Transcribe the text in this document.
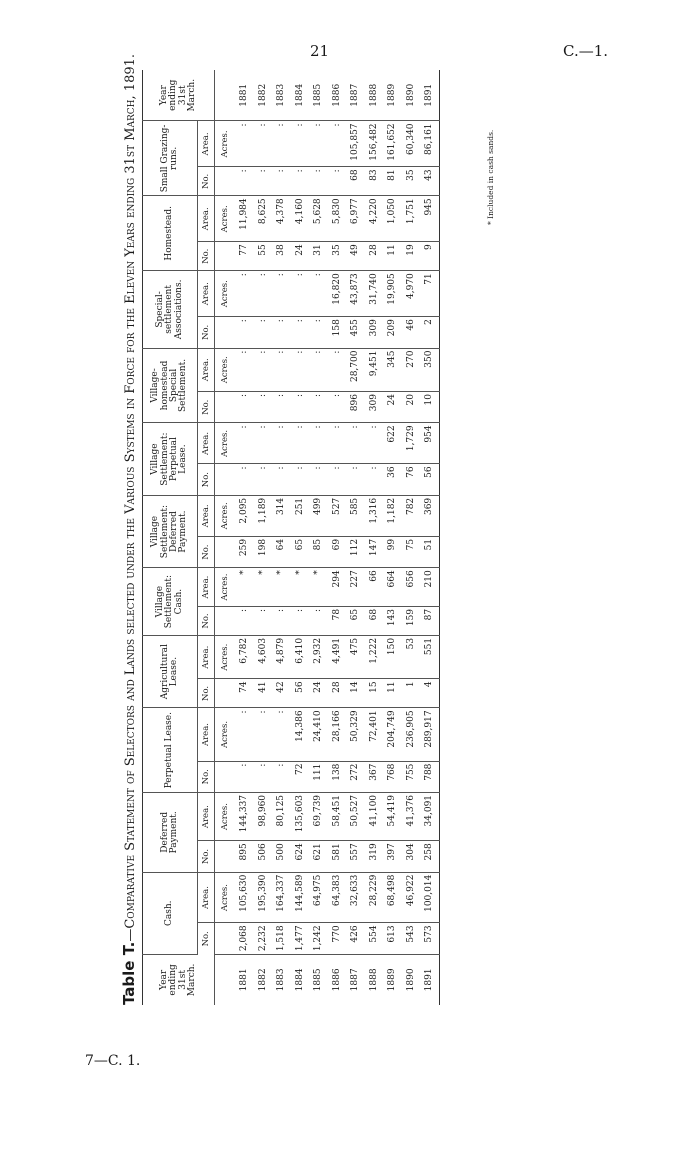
21	C.—1.
7—C. 1.
Table T.—Comparative Statement of Selectors and Lands selected under the Various Systems in Force for the Eleven Years ending 31st March, 1891.
Year ending 31st March.	Cash.		Deferred Payment.		Perpetual Lease.		Agricultural Lease.		Village Settlement: Cash.		Village Settlement: Deferred Payment.		Village Settlement: Perpetual Lease.		Village-homestead Special Settlement.		Special-settlement Associations.		Homestead.		Small Grazing-runs.		Year ending 31st March.
	No.	Area.	No.	Area.	No.	Area.	No.	Area.	No.	Area.	No.	Area.	No.	Area.	No.	Area.	No.	Area.	No.	Area.	No.	Area.	
		Acres.		Acres.		Acres.		Acres.		Acres.		Acres.		Acres.		Acres.		Acres.		Acres.		Acres.	
1881	2,068	105,630	895	144,337	:	:	74	6,782	:	*	259	2,095	:	:	:	:	:	:	77	11,984	:	:	1881
1882	2,232	195,390	506	98,960	:	:	41	4,603	:	*	198	1,189	:	:	:	:	:	:	55	8,625	:	:	1882
1883	1,518	164,337	500	80,125	:	:	42	4,879	:	*	64	314	:	:	:	:	:	:	38	4,378	:	:	1883
1884	1,477	144,589	624	135,603	72	14,386	56	6,410	:	*	65	251	:	:	:	:	:	:	24	4,160	:	:	1884
1885	1,242	64,975	621	69,739	111	24,410	24	2,932	:	*	85	499	:	:	:	:	:	:	31	5,628	:	:	1885
1886	770	64,383	581	58,451	138	28,166	28	4,491	78	294	69	527	:	:	:	:	158	16,820	35	5,830	:	:	1886
1887	426	32,633	557	50,527	272	50,329	14	475	65	227	112	585	:	:	896	28,700	455	43,873	49	6,977	68	105,857	1887
1888	554	28,229	319	41,100	367	72,401	15	1,222	68	66	147	1,316	:	:	309	9,451	309	31,740	28	4,220	83	156,482	1888
1889	613	68,498	397	54,419	768	204,749	11	150	143	664	99	1,182	36	622	24	345	209	19,905	11	1,050	81	161,652	1889
1890	543	46,922	304	41,376	755	236,905	1	53	159	656	75	782	76	1,729	20	270	46	4,970	19	1,751	35	60,340	1890
1891	573	100,014	258	34,091	788	289,917	4	551	87	210	51	369	56	954	10	350	2	71	9	945	43	86,161	1891
* Included in cash sands.
